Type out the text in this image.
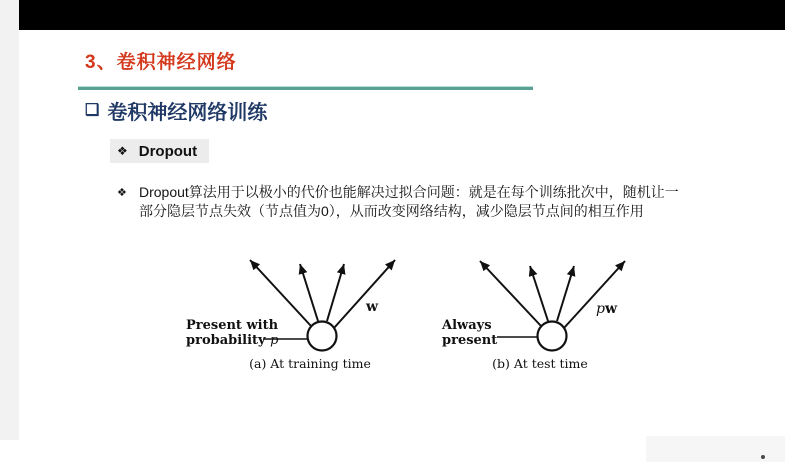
3、卷积神经网络
❑ 卷积神经网络训练
❖ Dropout
❖ Dropout算法用于以极小的代价也能解决过拟合问题：就是在每个训练批次中，随机让一
部分隐层节点失效（节点值为0），从而改变网络结构，减少隐层节点间的相互作用
w
Present with
probability p
(a) At training time
pw
Always
present
(b) At test time
